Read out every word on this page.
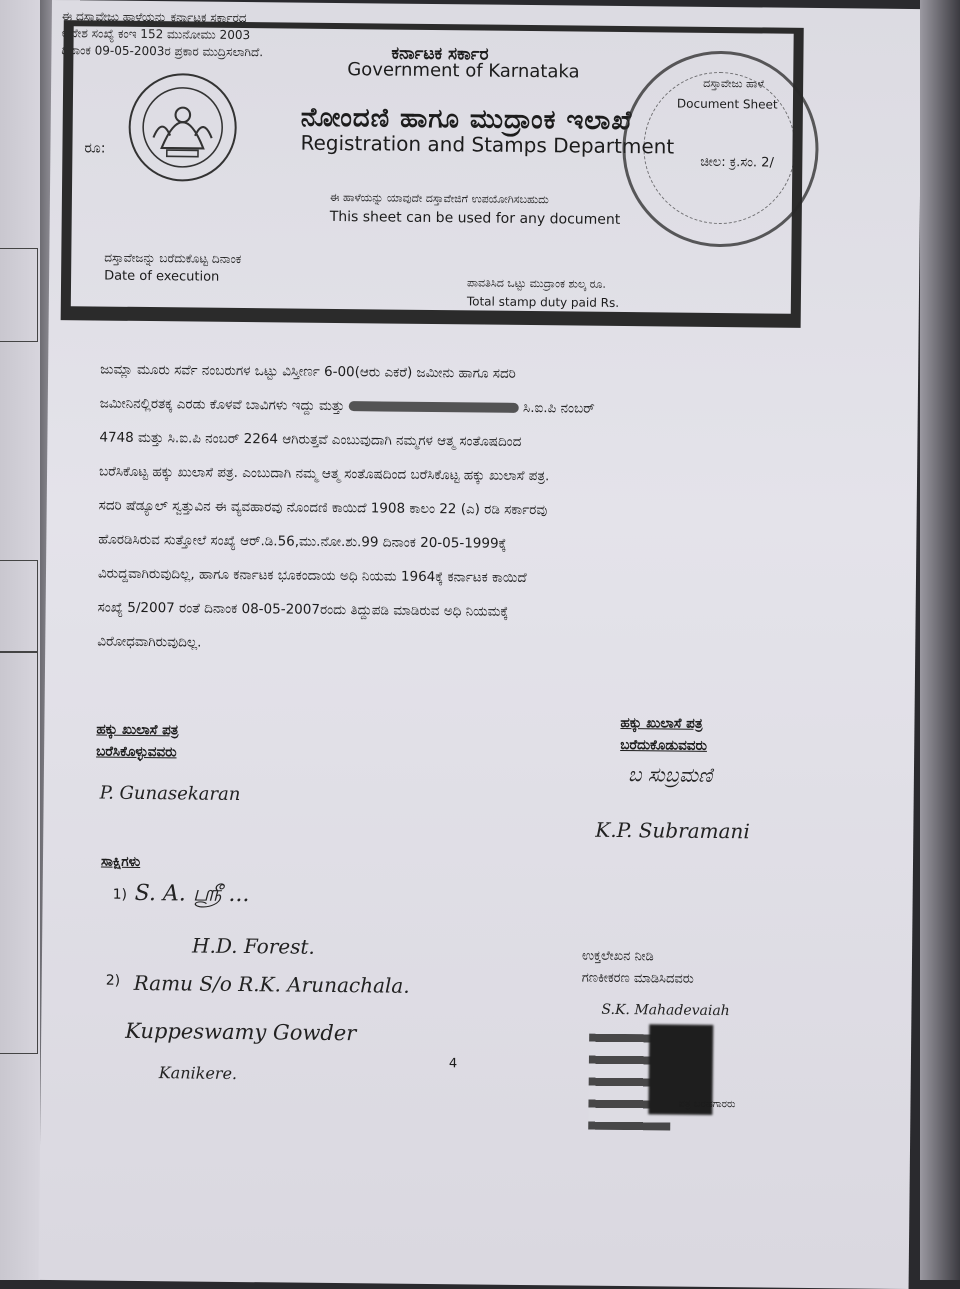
ಈ ದಸ್ತಾವೇಜು ಹಾಳೆಯನ್ನು ಕರ್ನಾಟಕ ಸರ್ಕಾರದ
ಆದೇಶ ಸಂಖ್ಯೆ ಕಂಇ 152 ಮುನೋಮು 2003
ದಿನಾಂಕ 09-05-2003ರ ಪ್ರಕಾರ ಮುದ್ರಿಸಲಾಗಿದೆ.
ರೂ:
ಕರ್ನಾಟಕ ಸರ್ಕಾರ
Government of Karnataka
ನೋಂದಣಿ ಹಾಗೂ ಮುದ್ರಾಂಕ ಇಲಾಖೆ
Registration and Stamps Department
ಈ ಹಾಳೆಯನ್ನು ಯಾವುದೇ ದಸ್ತಾವೇಜಿಗೆ ಉಪಯೋಗಿಸಬಹುದು
This sheet can be used for any document
ದಸ್ತಾವೇಜನ್ನು ಬರೆದುಕೊಟ್ಟ ದಿನಾಂಕ
Date of execution	ಪಾವತಿಸಿದ ಒಟ್ಟು ಮುದ್ರಾಂಕ ಶುಲ್ಕ ರೂ.
Total stamp duty paid Rs.
ದಸ್ತಾವೇಜು ಹಾಳೆ
Document Sheet
ಚೀಲ: ಕ್ರ.ಸಂ. 2/
ಜುಮ್ಲಾ ಮೂರು ಸರ್ವೆ ನಂಬರುಗಳ ಒಟ್ಟು ವಿಸ್ತೀರ್ಣ 6-00(ಆರು ಎಕರೆ) ಜಮೀನು ಹಾಗೂ ಸದರಿ
ಜಮೀನಿನಲ್ಲಿರತಕ್ಕ ಎರಡು ಕೊಳವೆ ಬಾವಿಗಳು ಇದ್ದು ಮತ್ತು	ಸಿ.ಐ.ಪಿ ನಂಬರ್
4748 ಮತ್ತು ಸಿ.ಐ.ಪಿ ನಂಬರ್ 2264 ಆಗಿರುತ್ತವೆ ಎಂಬುವುದಾಗಿ ನಮ್ಮಗಳ ಆತ್ಮ ಸಂತೊಷದಿಂದ
ಬರೆಸಿಕೊಟ್ಟ ಹಕ್ಕು ಖುಲಾಸೆ ಪತ್ರ. ಎಂಬುದಾಗಿ ನಮ್ಮ ಆತ್ಮ ಸಂತೊಷದಿಂದ ಬರೆಸಿಕೊಟ್ಟ ಹಕ್ಕು ಖುಲಾಸೆ ಪತ್ರ.
ಸದರಿ ಷೆಡ್ಯೂಲ್ ಸ್ವತ್ತುವಿನ ಈ ವ್ಯವಹಾರವು ನೊಂದಣಿ ಕಾಯಿದೆ 1908 ಕಾಲಂ 22 (ಎ) ರಡಿ ಸರ್ಕಾರವು
ಹೊರಡಿಸಿರುವ ಸುತ್ತೋಲೆ ಸಂಖ್ಯೆ ಆರ್.ಡಿ.56,ಮು.ನೋ.ಶು.99 ದಿನಾಂಕ 20-05-1999ಕ್ಕೆ
ವಿರುದ್ದವಾಗಿರುವುದಿಲ್ಲ, ಹಾಗೂ ಕರ್ನಾಟಕ ಭೂಕಂದಾಯ ಅಧಿ ನಿಯಮ 1964ಕ್ಕೆ ಕರ್ನಾಟಕ ಕಾಯಿದೆ
ಸಂಖ್ಯೆ 5/2007 ರಂತೆ ದಿನಾಂಕ 08-05-2007ರಂದು ತಿದ್ದುಪಡಿ ಮಾಡಿರುವ ಅಧಿ ನಿಯಮಕ್ಕೆ
ವಿರೋಧವಾಗಿರುವುದಿಲ್ಲ.
ಹಕ್ಕು ಖುಲಾಸೆ ಪತ್ರ
ಬರೆಸಿಕೊಳ್ಳುವವರು
P. Gunasekaran
ಹಕ್ಕು ಖುಲಾಸೆ ಪತ್ರ
ಬರೆದುಕೊಡುವವರು
ಬ ಸುಬ್ರಮಣಿ
K.P. Subramani
ಸಾಕ್ಷಿಗಳು
1) S. A. ஸ்ரீ ...
H.D. Forest.
2) Ramu S/o R.K. Arunachala.
Kuppeswamy Gowder
Kanikere.
ಉಕ್ತಲೇಖನ ನೀಡಿ
ಗಣಕೀಕರಣ ಮಾಡಿಸಿದವರು
S.K. Mahadevaiah
ಪತ್ರ ಬರಹಗಾರರು
4
